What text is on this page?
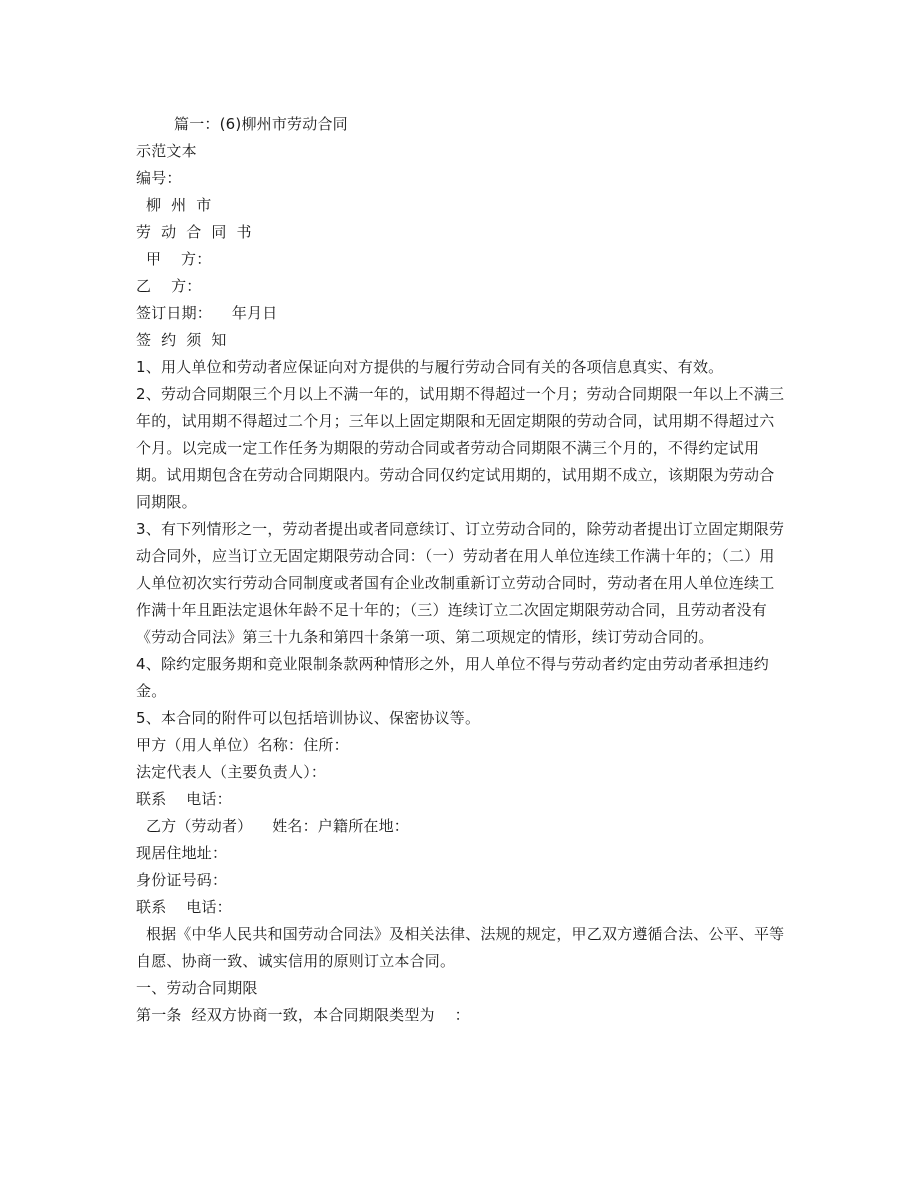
篇一：(6)柳州市劳动合同

示范文本

编号：

柳  州  市

劳  动  合  同  书

甲    方：

乙    方：

签订日期：    年月日

签  约  须  知

1、用人单位和劳动者应保证向对方提供的与履行劳动合同有关的各项信息真实、有效。

2、劳动合同期限三个月以上不满一年的，试用期不得超过一个月；劳动合同期限一年以上不满三年的，试用期不得超过二个月；三年以上固定期限和无固定期限的劳动合同，试用期不得超过六个月。以完成一定工作任务为期限的劳动合同或者劳动合同期限不满三个月的，不得约定试用期。试用期包含在劳动合同期限内。劳动合同仅约定试用期的，试用期不成立，该期限为劳动合同期限。

3、有下列情形之一，劳动者提出或者同意续订、订立劳动合同的，除劳动者提出订立固定期限劳动合同外，应当订立无固定期限劳动合同：（一）劳动者在用人单位连续工作满十年的；（二）用人单位初次实行劳动合同制度或者国有企业改制重新订立劳动合同时，劳动者在用人单位连续工作满十年且距法定退休年龄不足十年的；（三）连续订立二次固定期限劳动合同，且劳动者没有《劳动合同法》第三十九条和第四十条第一项、第二项规定的情形，续订劳动合同的。

4、除约定服务期和竞业限制条款两种情形之外，用人单位不得与劳动者约定由劳动者承担违约金。

5、本合同的附件可以包括培训协议、保密协议等。

甲方（用人单位）名称：住所：

法定代表人（主要负责人）：

联系    电话：

乙方（劳动者）    姓名：户籍所在地：

现居住地址：

身份证号码：

联系    电话：

根据《中华人民共和国劳动合同法》及相关法律、法规的规定，甲乙双方遵循合法、公平、平等自愿、协商一致、诚实信用的原则订立本合同。

一、劳动合同期限

第一条  经双方协商一致，本合同期限类型为    ：
